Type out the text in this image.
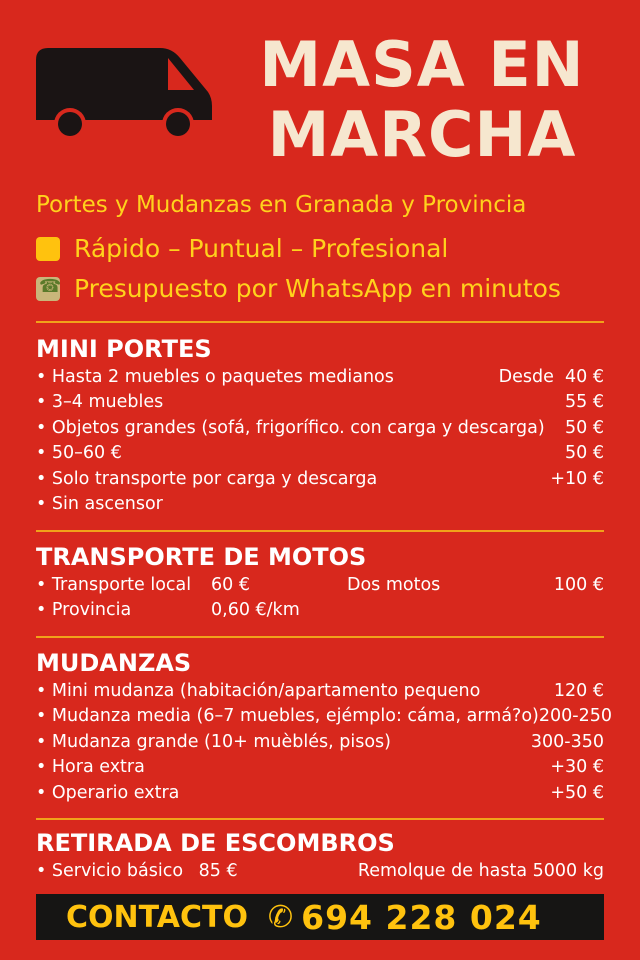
MASA EN
MARCHA
Portes y Mudanzas en Granada y Provincia
Rápido – Puntual – Profesional
☎
Presupuesto por WhatsApp en minutos
MINI PORTES
• Hasta 2 muebles o paquetes medianos	Desde  40 €
• 3–4 muebles	55 €
• Objetos grandes (sofá, frigorífico. con carga y descarga) 50 €
• 50–60 €	50 €
• Solo transporte por carga y descarga	+10 €
• Sin ascensor
TRANSPORTE DE MOTOS
• Transporte local	60 €	Dos motos	100 €
• Provincia	0,60 €/km
MUDANZAS
• Mini mudanza (habitación/apartamento pequeno	120 €
• Mudanza media (6–7 muebles, ejémplo: cáma, armá?o) 200-250
• Mudanza grande (10+ muèblés, pisos)	300-350
• Hora extra	+30 €
• Operario extra	+50 €
RETIRADA DE ESCOMBROS
• Servicio básico 85 €	Remolque de hasta 5000 kg
CONTACTO ✆ 694 228 024
